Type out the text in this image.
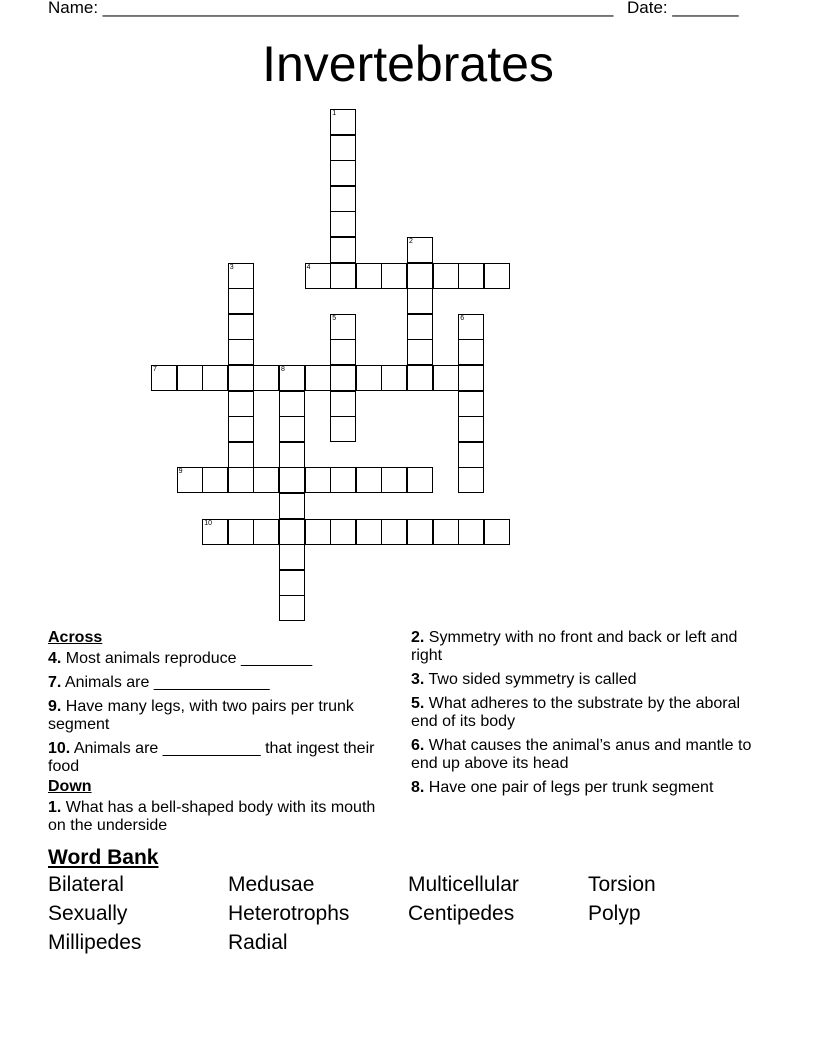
Name: ______________________________________________________ Date: _______
Invertebrates
1
2
3	4
5	6
7	8
9
10
Across
4. Most animals reproduce ________
7. Animals are _____________
9. Have many legs, with two pairs per trunk segment
10. Animals are ___________ that ingest their food
Down
1. What has a bell-shaped body with its mouth on the underside
2. Symmetry with no front and back or left and right
3. Two sided symmetry is called
5. What adheres to the substrate by the aboral end of its body
6. What causes the animal’s anus and mantle to end up above its head
8. Have one pair of legs per trunk segment
Word Bank
Bilateral	Medusae	Multicellular	Torsion
Sexually	Heterotrophs	Centipedes	Polyp
Millipedes	Radial
